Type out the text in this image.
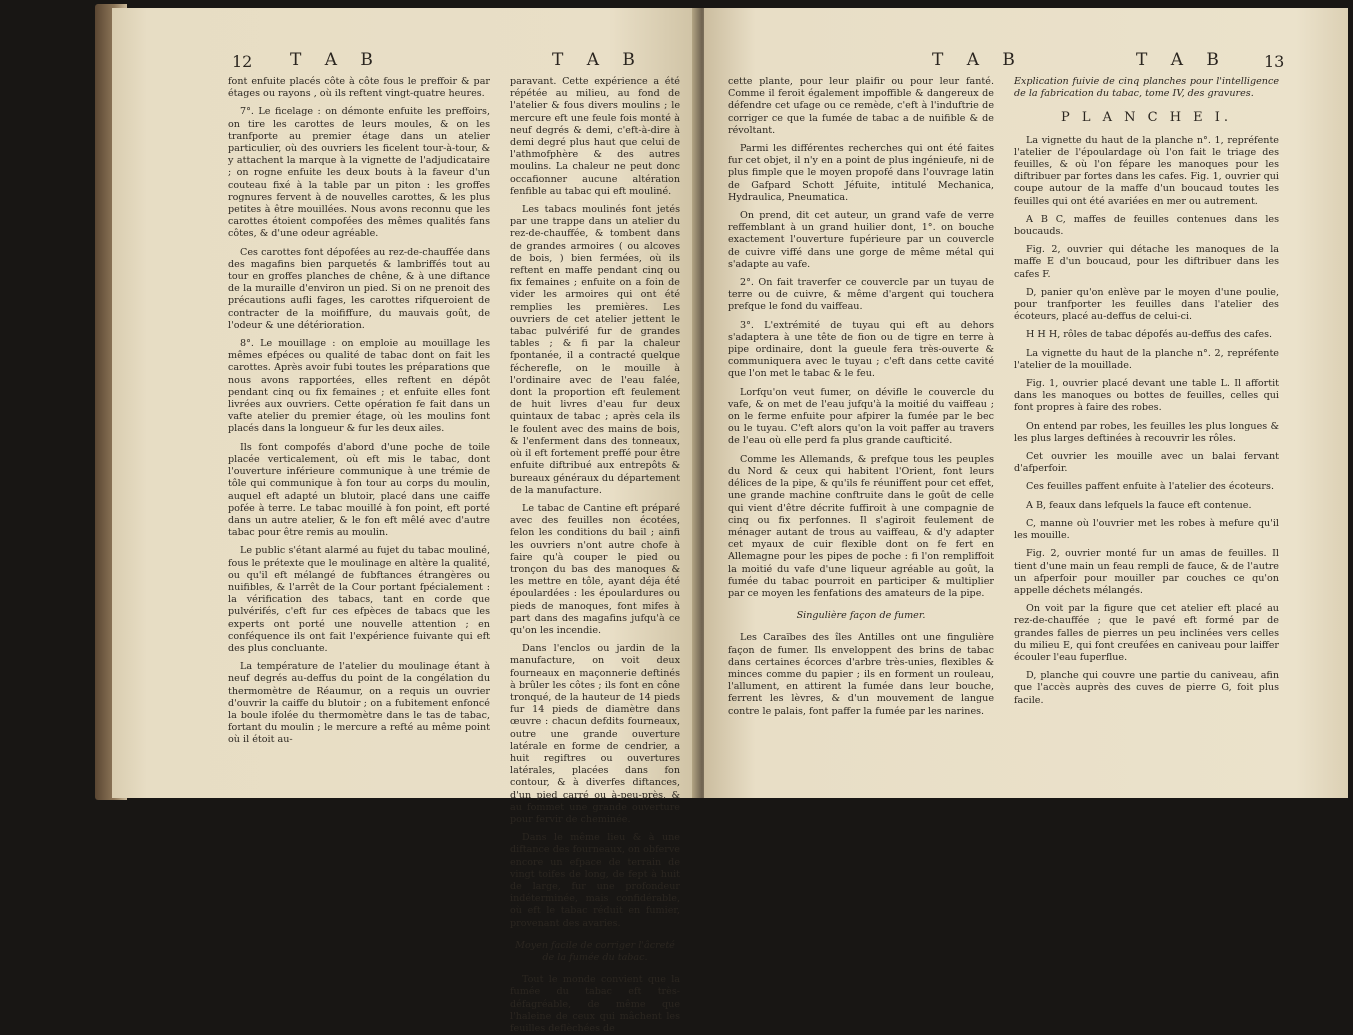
12 T A B	T A B

font enfuite placés côte à côte fous le preffoir & par étages ou rayons , où ils reftent vingt-quatre heures.

7°. Le ficelage : on démonte enfuite les preffoirs, on tire les carottes de leurs moules, & on les tranfporte au premier étage dans un atelier particulier, où des ouvriers les ficelent tour-à-tour, & y attachent la marque à la vignette de l'adjudicataire ; on rogne enfuite les deux bouts à la faveur d'un couteau fixé à la table par un piton : les groffes rognures fervent à de nouvelles carottes, & les plus petites à être mouillées. Nous avons reconnu que les carottes étoient compofées des mêmes qualités fans côtes, & d'une odeur agréable.

Ces carottes font dépofées au rez-de-chauffée dans des magafins bien parquetés & lambriffés tout au tour en groffes planches de chêne, & à une diftance de la muraille d'environ un pied. Si on ne prenoit des précautions aufli fages, les carottes rifqueroient de contracter de la moififfure, du mauvais goût, de l'odeur & une détérioration.

8°. Le mouillage : on emploie au mouillage les mêmes efpéces ou qualité de tabac dont on fait les carottes. Après avoir fubi toutes les préparations que nous avons rapportées, elles reftent en dépôt pendant cinq ou fix femaines ; et enfuite elles font livrées aux ouvriers. Cette opération fe fait dans un vafte atelier du premier étage, où les moulins font placés dans la longueur & fur les deux ailes.

Ils font compofés d'abord d'une poche de toile placée verticalement, où eft mis le tabac, dont l'ouverture inférieure communique à une trémie de tôle qui communique à fon tour au corps du moulin, auquel eft adapté un blutoir, placé dans une caiffe pofée à terre. Le tabac mouillé à fon point, eft porté dans un autre atelier, & le fon eft mêlé avec d'autre tabac pour être remis au moulin.

Le public s'étant alarmé au fujet du tabac mouliné, fous le prétexte que le moulinage en altère la qualité, ou qu'il eft mélangé de fubftances étrangères ou nuifibles, & l'arrêt de la Cour portant fpécialement : la vérification des tabacs, tant en corde que pulvérifés, c'eft fur ces efpèces de tabacs que les experts ont porté une nouvelle attention ; en conféquence ils ont fait l'expérience fuivante qui eft des plus concluante.

La température de l'atelier du moulinage étant à neuf degrés au-deffus du point de la congélation du thermomètre de Réaumur, on a requis un ouvrier d'ouvrir la caiffe du blutoir ; on a fubitement enfoncé la boule ifolée du thermomètre dans le tas de tabac, fortant du moulin ; le mercure a refté au même point où il étoit au-

paravant. Cette expérience a été répétée au milieu, au fond de l'atelier & fous divers moulins ; le mercure eft une feule fois monté à neuf degrés & demi, c'eft-à-dire à demi degré plus haut que celui de l'athmofphère & des autres moulins. La chaleur ne peut donc occafionner aucune altération fenfible au tabac qui eft mouliné.

Les tabacs moulinés font jetés par une trappe dans un atelier du rez-de-chauffée, & tombent dans de grandes armoires ( ou alcoves de bois, ) bien fermées, où ils reftent en maffe pendant cinq ou fix femaines ; enfuite on a foin de vider les armoires qui ont été remplies les premières. Les ouvriers de cet atelier jettent le tabac pulvérifé fur de grandes tables ; & fi par la chaleur fpontanée, il a contracté quelque fécherefle, on le mouille à l'ordinaire avec de l'eau falée, dont la proportion eft feulement de huit livres d'eau fur deux quintaux de tabac ; après cela ils le foulent avec des mains de bois, & l'enferment dans des tonneaux, où il eft fortement preffé pour être enfuite diftribué aux entrepôts & bureaux généraux du département de la manufacture.

Le tabac de Cantine eft préparé avec des feuilles non écotées, felon les conditions du bail ; ainfi les ouvriers n'ont autre chofe à faire qu'à couper le pied ou tronçon du bas des manoques & les mettre en tôle, ayant déja été époulardées : les époulardures ou pieds de manoques, font mifes à part dans des magafins jufqu'à ce qu'on les incendie.

Dans l'enclos ou jardin de la manufacture, on voit deux fourneaux en maçonnerie deftinés à brûler les côtes ; ils font en cône tronqué, de la hauteur de 14 pieds fur 14 pieds de diamètre dans œuvre : chacun defdits fourneaux, outre une grande ouverture latérale en forme de cendrier, a huit regiftres ou ouvertures latérales, placées dans fon contour, & à diverfes diftances, d'un pied carré ou à-peu-près, & au fommet une grande ouverture pour fervir de cheminée.

Dans le même lieu & à une diftance des fourneaux, on obferve encore un efpace de terrain de vingt toifes de long, de fept à huit de large, fur une profondeur indéterminée, mais confidérable, où eft le tabac réduit en fumier, provenant des avaries.

Moyen facile de corriger l'âcreté de la fumée du tabac.

Tout le monde convient que la fumée du tabac eft très-défagréable, de même que l'haleine de ceux qui mâchent les feuilles deflèchées de

T A B	T A B 13

cette plante, pour leur plaifir ou pour leur fanté. Comme il feroit également impoffible & dangereux de défendre cet ufage ou ce remède, c'eft à l'induftrie de corriger ce que la fumée de tabac a de nuifible & de révoltant.

Parmi les différentes recherches qui ont été faites fur cet objet, il n'y en a point de plus ingénieufe, ni de plus fimple que le moyen propofé dans l'ouvrage latin de Gafpard Schott Jéfuite, intitulé Mechanica, Hydraulica, Pneumatica.

On prend, dit cet auteur, un grand vafe de verre reffemblant à un grand huilier dont, 1°. on bouche exactement l'ouverture fupérieure par un couvercle de cuivre viffé dans une gorge de même métal qui s'adapte au vafe.

2°. On fait traverfer ce couvercle par un tuyau de terre ou de cuivre, & même d'argent qui touchera prefque le fond du vaiffeau.

3°. L'extrémité de tuyau qui eft au dehors s'adaptera à une tête de fion ou de tigre en terre à pipe ordinaire, dont la gueule fera très-ouverte & communiquera avec le tuyau ; c'eft dans cette cavité que l'on met le tabac & le feu.

Lorfqu'on veut fumer, on dévifle le couvercle du vafe, & on met de l'eau jufqu'à la moitié du vaiffeau ; on le ferme enfuite pour afpirer la fumée par le bec ou le tuyau. C'eft alors qu'on la voit paffer au travers de l'eau où elle perd fa plus grande caufticité.

Comme les Allemands, & prefque tous les peuples du Nord & ceux qui habitent l'Orient, font leurs délices de la pipe, & qu'ils fe réuniffent pour cet effet, une grande machine conftruite dans le goût de celle qui vient d'être décrite fuffiroit à une compagnie de cinq ou fix perfonnes. Il s'agiroit feulement de ménager autant de trous au vaiffeau, & d'y adapter cet myaux de cuir flexible dont on fe fert en Allemagne pour les pipes de poche : fi l'on rempliffoit la moitié du vafe d'une liqueur agréable au goût, la fumée du tabac pourroit en participer & multiplier par ce moyen les fenfations des amateurs de la pipe.

Singulière façon de fumer.

Les Caraïbes des îles Antilles ont une fingulière façon de fumer. Ils enveloppent des brins de tabac dans certaines écorces d'arbre très-unies, flexibles & minces comme du papier ; ils en forment un rouleau, l'allument, en attirent la fumée dans leur bouche, ferrent les lèvres, & d'un mouvement de langue contre le palais, font paffer la fumée par les narines.

Explication fuivie de cinq planches pour l'intelligence de la fabrication du tabac, tome IV, des gravures.

P L A N C H E I.

La vignette du haut de la planche n°. 1, repréfente l'atelier de l'époulardage où l'on fait le triage des feuilles, & où l'on fépare les manoques pour les diftribuer par fortes dans les cafes. Fig. 1, ouvrier qui coupe autour de la maffe d'un boucaud toutes les feuilles qui ont été avariées en mer ou autrement.

A B C, maffes de feuilles contenues dans les boucauds.

Fig. 2, ouvrier qui détache les manoques de la maffe E d'un boucaud, pour les diftribuer dans les cafes F.

D, panier qu'on enlève par le moyen d'une poulie, pour tranfporter les feuilles dans l'atelier des écoteurs, placé au-deffus de celui-ci.

H H H, rôles de tabac dépofés au-deffus des cafes.

La vignette du haut de la planche n°. 2, repréfente l'atelier de la mouillade.

Fig. 1, ouvrier placé devant une table L. Il affortit dans les manoques ou bottes de feuilles, celles qui font propres à faire des robes.

On entend par robes, les feuilles les plus longues & les plus larges deftinées à recouvrir les rôles.

Cet ouvrier les mouille avec un balai fervant d'afperfoir.

Ces feuilles paffent enfuite à l'atelier des écoteurs.

A B, feaux dans lefquels la fauce eft contenue.

C, manne où l'ouvrier met les robes à mefure qu'il les mouille.

Fig. 2, ouvrier monté fur un amas de feuilles. Il tient d'une main un feau rempli de fauce, & de l'autre un afperfoir pour mouiller par couches ce qu'on appelle déchets mélangés.

On voit par la figure que cet atelier eft placé au rez-de-chauffée ; que le pavé eft formé par de grandes falles de pierres un peu inclinées vers celles du milieu E, qui font creufées en caniveau pour laiffer écouler l'eau fuperflue.

D, planche qui couvre une partie du caniveau, afin que l'accès auprès des cuves de pierre G, foit plus facile.
